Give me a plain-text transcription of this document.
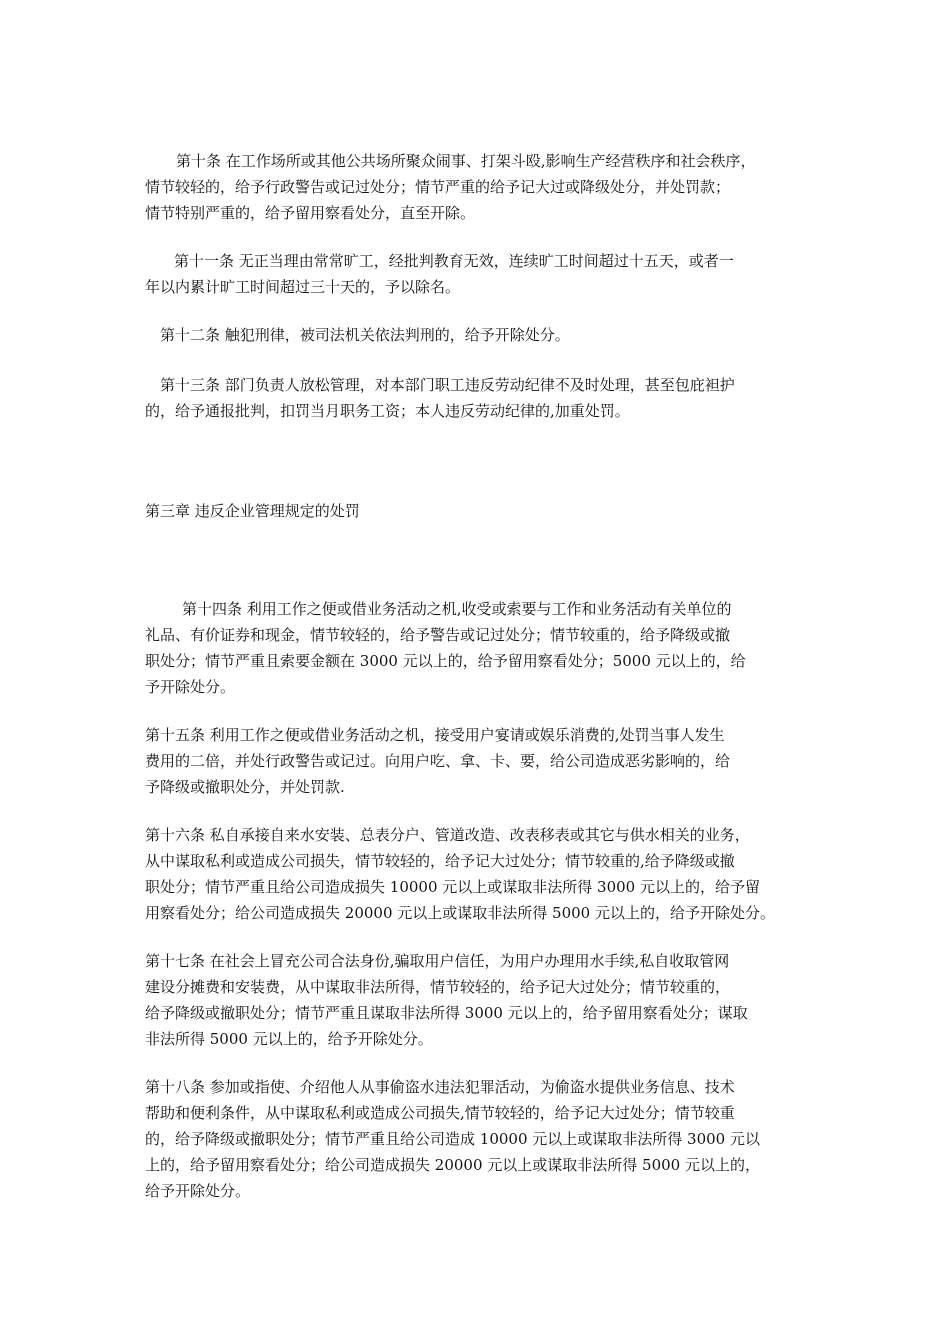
第十条 在工作场所或其他公共场所聚众闹事、打架斗殴,影响生产经营秩序和社会秩序，
情节较轻的，给予行政警告或记过处分；情节严重的给予记大过或降级处分，并处罚款；
情节特别严重的，给予留用察看处分，直至开除。
第十一条 无正当理由常常旷工，经批判教育无效，连续旷工时间超过十五天，或者一
年以内累计旷工时间超过三十天的，予以除名。
第十二条 触犯刑律，被司法机关依法判刑的，给予开除处分。
第十三条 部门负责人放松管理，对本部门职工违反劳动纪律不及时处理，甚至包庇袒护
的，给予通报批判，扣罚当月职务工资；本人违反劳动纪律的,加重处罚。
第三章 违反企业管理规定的处罚
第十四条 利用工作之便或借业务活动之机,收受或索要与工作和业务活动有关单位的
礼品、有价证券和现金，情节较轻的，给予警告或记过处分；情节较重的，给予降级或撤
职处分；情节严重且索要金额在 3000 元以上的，给予留用察看处分；5000 元以上的，给
予开除处分。
第十五条 利用工作之便或借业务活动之机，接受用户宴请或娱乐消费的,处罚当事人发生
费用的二倍，并处行政警告或记过。向用户吃、拿、卡、要，给公司造成恶劣影响的，给
予降级或撤职处分，并处罚款.
第十六条 私自承接自来水安装、总表分户、管道改造、改表移表或其它与供水相关的业务，
从中谋取私利或造成公司损失，情节较轻的，给予记大过处分；情节较重的,给予降级或撤
职处分；情节严重且给公司造成损失 10000 元以上或谋取非法所得 3000 元以上的，给予留
用察看处分；给公司造成损失 20000 元以上或谋取非法所得 5000 元以上的，给予开除处分。
第十七条 在社会上冒充公司合法身份,骗取用户信任，为用户办理用水手续,私自收取管网
建设分摊费和安装费，从中谋取非法所得，情节较轻的，给予记大过处分；情节较重的，
给予降级或撤职处分；情节严重且谋取非法所得 3000 元以上的，给予留用察看处分；谋取
非法所得 5000 元以上的，给予开除处分。
第十八条 参加或指使、介绍他人从事偷盗水违法犯罪活动，为偷盗水提供业务信息、技术
帮助和便利条件，从中谋取私利或造成公司损失,情节较轻的，给予记大过处分；情节较重
的，给予降级或撤职处分；情节严重且给公司造成 10000 元以上或谋取非法所得 3000 元以
上的，给予留用察看处分；给公司造成损失 20000 元以上或谋取非法所得 5000 元以上的，
给予开除处分。
